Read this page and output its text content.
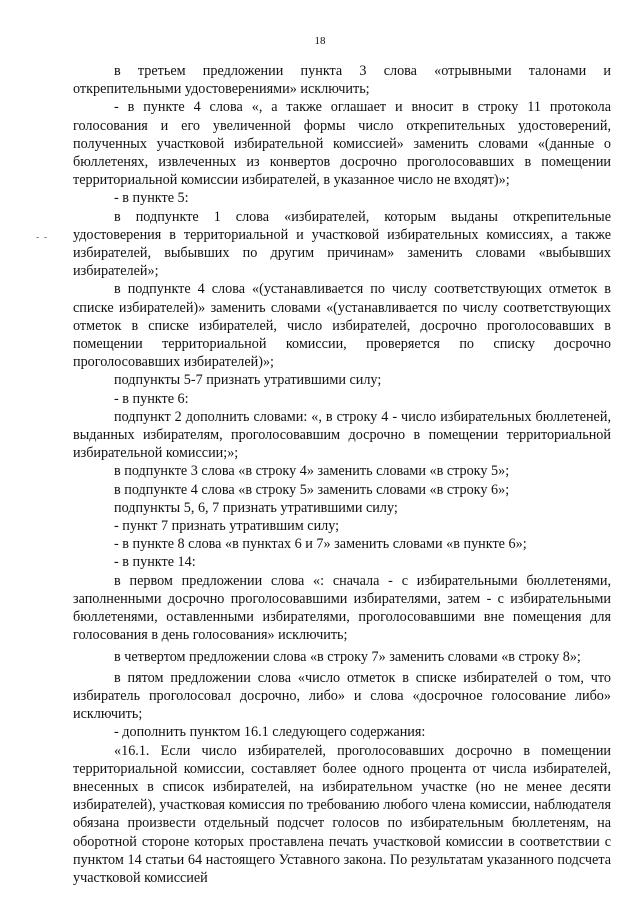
18
- -

в третьем предложении пункта 3 слова «отрывными талонами и открепительными удостоверениями» исключить;

- в пункте 4 слова «, а также оглашает и вносит в строку 11 протокола голосования и его увеличенной формы число открепительных удостоверений, полученных участковой избирательной комиссией» заменить словами «(данные о бюллетенях, извлеченных из конвертов досрочно проголосовавших в помещении территориальной комиссии избирателей, в указанное число не входят)»;

- в пункте 5:

в подпункте 1 слова «избирателей, которым выданы открепительные удостоверения в территориальной и участковой избирательных комиссиях, а также избирателей, выбывших по другим причинам» заменить словами «выбывших избирателей»;

в подпункте 4 слова «(устанавливается по числу соответствующих отметок в списке избирателей)» заменить словами «(устанавливается по числу соответствующих отметок в списке избирателей, число избирателей, досрочно проголосовавших в помещении территориальной комиссии, проверяется по списку досрочно проголосовавших избирателей)»;

подпункты 5-7 признать утратившими силу;

- в пункте 6:

подпункт 2 дополнить словами: «, в строку 4 - число избирательных бюллетеней, выданных избирателям, проголосовавшим досрочно в помещении территориальной избирательной комиссии;»;

в подпункте 3 слова «в строку 4» заменить словами «в строку 5»;

в подпункте 4 слова «в строку 5» заменить словами «в строку 6»;

подпункты 5, 6, 7 признать утратившими силу;

- пункт 7 признать утратившим силу;

- в пункте 8 слова «в пунктах 6 и 7» заменить словами «в пункте 6»;

- в пункте 14:

в первом предложении слова «: сначала - с избирательными бюллетенями, заполненными досрочно проголосовавшими избирателями, затем - с избирательными бюллетенями, оставленными избирателями, проголосовавшими вне помещения для голосования в день голосования» исключить;

в четвертом предложении слова «в строку 7» заменить словами «в строку 8»;

в пятом предложении слова «число отметок в списке избирателей о том, что избиратель проголосовал досрочно, либо» и слова «досрочное голосование либо» исключить;

- дополнить пунктом 16.1 следующего содержания:

«16.1. Если число избирателей, проголосовавших досрочно в помещении территориальной комиссии, составляет более одного процента от числа избирателей, внесенных в список избирателей, на избирательном участке (но не менее десяти избирателей), участковая комиссия по требованию любого члена комиссии, наблюдателя обязана произвести отдельный подсчет голосов по избирательным бюллетеням, на оборотной стороне которых проставлена печать участковой комиссии в соответствии с пунктом 14 статьи 64 настоящего Уставного закона. По результатам указанного подсчета участковой комиссией
